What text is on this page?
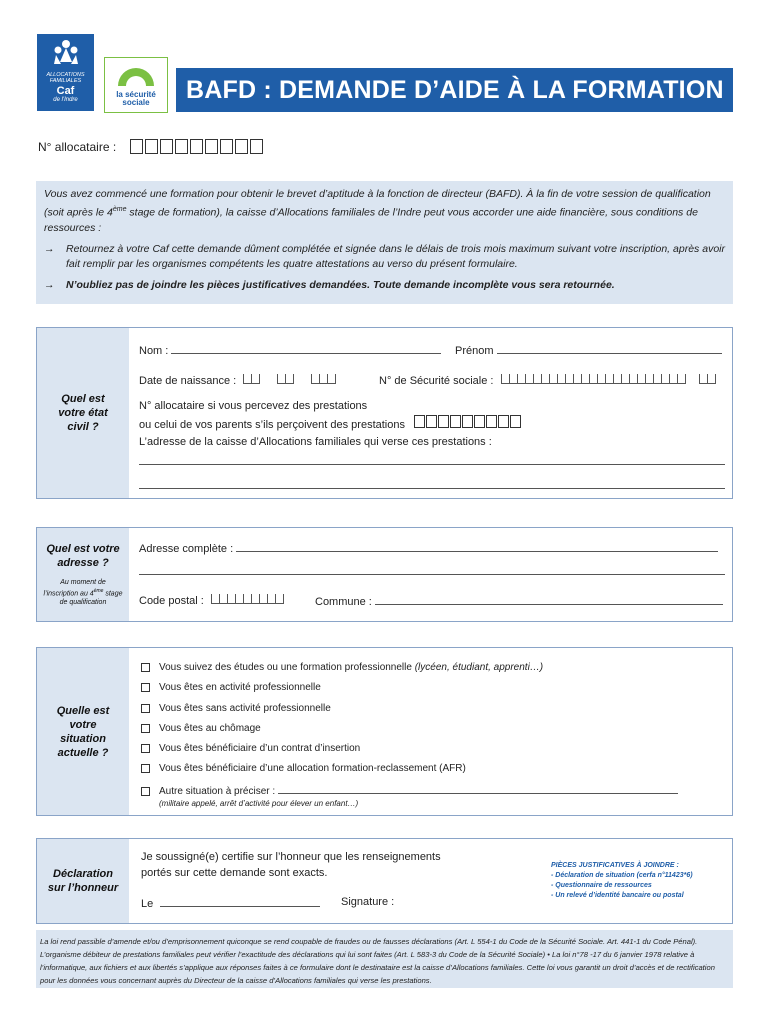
ALLOCATIONS
FAMILIALES
Caf
de l'Indre
la sécurité
sociale	BAFD : DEMANDE D’AIDE À LA FORMATION
N° allocataire :

Vous avez commencé une formation pour obtenir le brevet d’aptitude à la fonction de directeur (BAFD). À la fin de votre session de qualification (soit après le 4ème stage de formation), la caisse d’Allocations familiales de l’Indre peut vous accorder une aide financière, sous conditions de ressources :

→	Retournez à votre Caf cette demande dûment complétée et signée dans le délais de trois mois maximum suivant votre inscription, après avoir fait remplir par les organismes compétents les quatre attestations au verso du présent formulaire.
→	N’oubliez pas de joindre les pièces justificatives demandées. Toute demande incomplète vous sera retournée.
Quel est votre état civil ?
Nom :	Prénom
Date de naissance :

	N° de Sécurité sociale :

N° allocataire si vous percevez des prestations
ou celui de vos parents s’ils perçoivent des prestations
L’adresse de la caisse d’Allocations familiales qui verse ces prestations :
Quel est votre adresse ?
Au moment de l’inscription au 4ème stage de qualification
Adresse complète :
Code postal :	Commune :
Quelle est votre situation actuelle ?
Vous suivez des études ou une formation professionnelle (lycéen, étudiant, apprenti…)
Vous êtes en activité professionnelle
Vous êtes sans activité professionnelle
Vous êtes au chômage
Vous êtes bénéficiaire d’un contrat d’insertion
Vous êtes bénéficiaire d’une allocation formation-reclassement (AFR)
Autre situation à préciser :
(militaire appelé, arrêt d’activité pour élever un enfant…)
Déclaration sur l’honneur
Je soussigné(e) certifie sur l’honneur que les renseignements
portés sur cette demande sont exacts.
Le	Signature :
PIÈCES JUSTIFICATIVES À JOINDRE :
- Déclaration de situation (cerfa n°11423*6)
- Questionnaire de ressources
- Un relevé d’identité bancaire ou postal
La loi rend passible d’amende et/ou d’emprisonnement quiconque se rend coupable de fraudes ou de fausses déclarations (Art. L 554-1 du Code de la Sécurité Sociale. Art. 441-1 du Code Pénal). L’organisme débiteur de prestations familiales peut vérifier l’exactitude des déclarations qui lui sont faites (Art. L 583-3 du Code de la Sécurité Sociale) • La loi n°78 -17 du 6 janvier 1978 relative à l’informatique, aux fichiers et aux libertés s’applique aux réponses faites à ce formulaire dont le destinataire est la caisse d’Allocations familiales. Cette loi vous garantit un droit d’accès et de rectification pour les données vous concernant auprès du Directeur de la caisse d’Allocations familiales qui verse les prestations.
